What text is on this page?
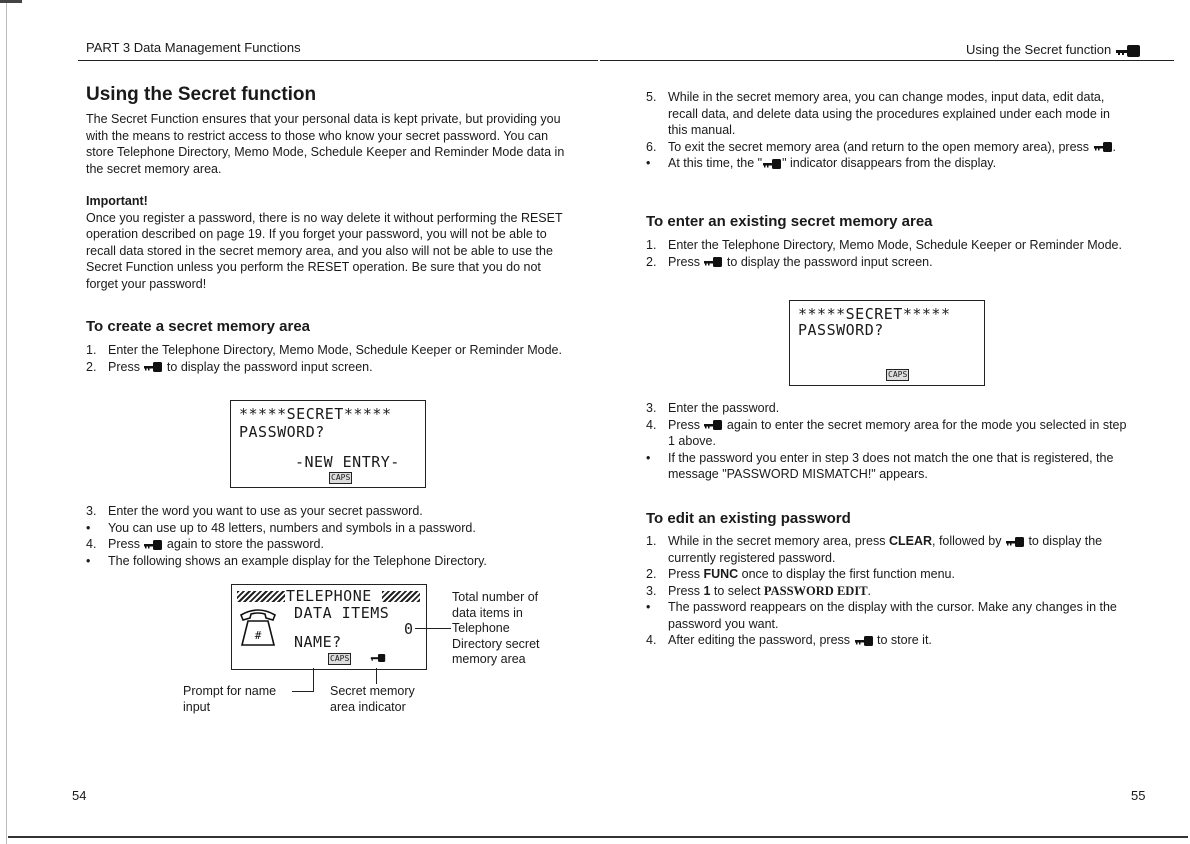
PART 3 Data Management Functions	Using the Secret function
Using the Secret function

The Secret Function ensures that your personal data is kept private, but providing you with the means to restrict access to those who know your secret password. You can store Telephone Directory, Memo Mode, Schedule Keeper and Reminder Mode data in the secret memory area.

Important!

Once you register a password, there is no way delete it without performing the RESET operation described on page 19. If you forget your password, you will not be able to recall data stored in the secret memory area, and you also will not be able to use the Secret Function unless you perform the RESET operation. Be sure that you do not forget your password!

To create a secret memory area
1. Enter the Telephone Directory, Memo Mode, Schedule Keeper or Reminder Mode.
2. Press to display the password input screen.
*****SECRET*****
PASSWORD?
-NEW ENTRY-
CAPS
3. Enter the word you want to use as your secret password.
• You can use up to 48 letters, numbers and symbols in a password.
4. Press again to store the password.
• The following shows an example display for the Telephone Directory.
TELEPHONE
#
DATA ITEMS
0
NAME?
CAPS
Total number of data items in Telephone Directory secret memory area
Prompt for name input
Secret memory area indicator
54
5. While in the secret memory area, you can change modes, input data, edit data, recall data, and delete data using the procedures explained under each mode in this manual.
6. To exit the secret memory area (and return to the open memory area), press .
• At this time, the " " indicator disappears from the display.
To enter an existing secret memory area
1. Enter the Telephone Directory, Memo Mode, Schedule Keeper or Reminder Mode.
2. Press to display the password input screen.
*****SECRET*****
PASSWORD?
CAPS
3. Enter the password.
4. Press again to enter the secret memory area for the mode you selected in step 1 above.
• If the password you enter in step 3 does not match the one that is registered, the message "PASSWORD MISMATCH!" appears.
To edit an existing password
1. While in the secret memory area, press CLEAR, followed by to display the currently registered password.
2. Press FUNC once to display the first function menu.
3. Press 1 to select PASSWORD EDIT.
• The password reappears on the display with the cursor. Make any changes in the password you want.
4. After editing the password, press to store it.
55
